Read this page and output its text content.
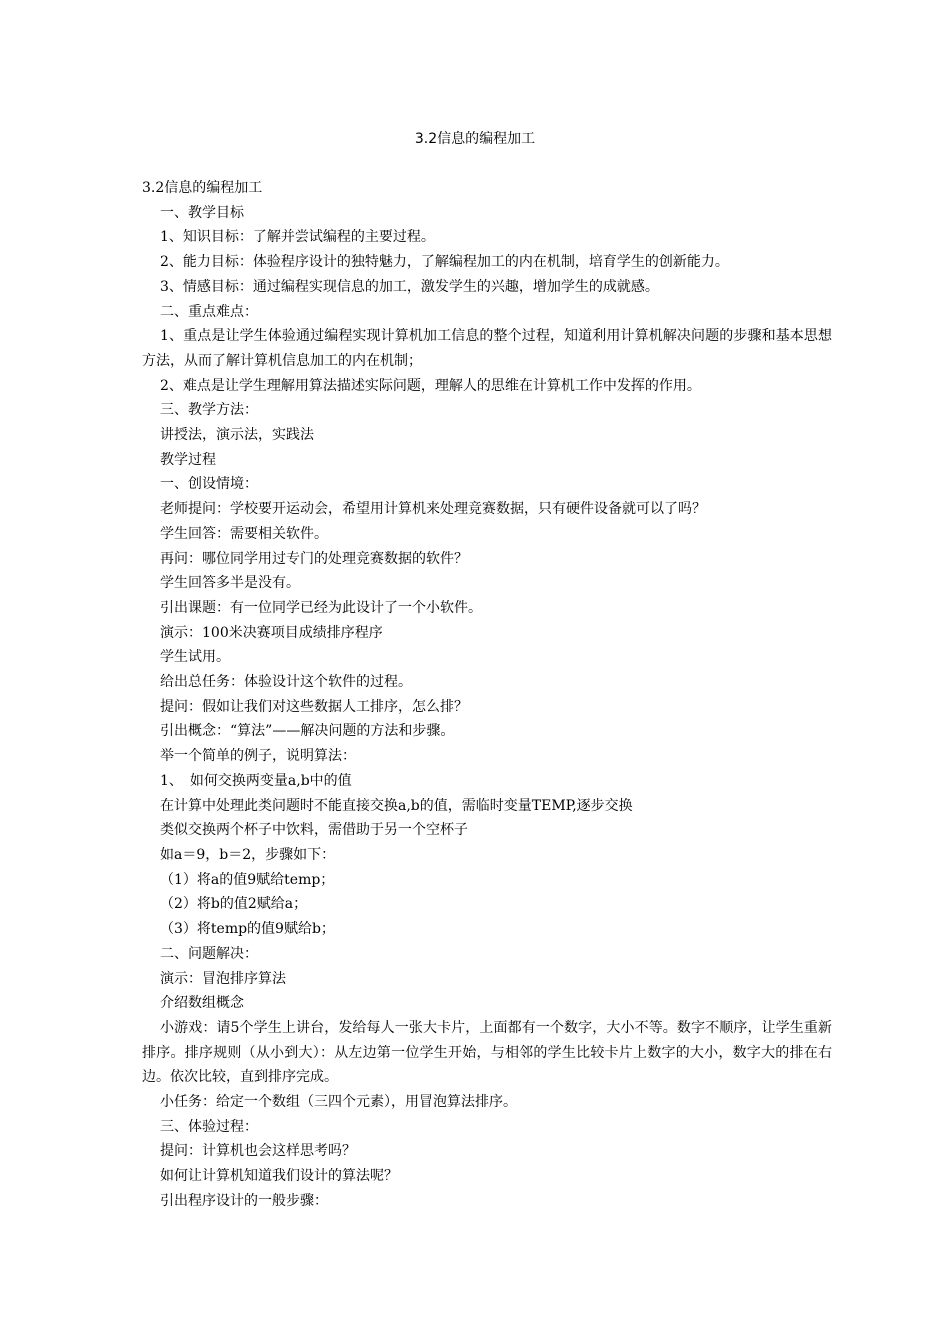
3.2信息的编程加工
3.2信息的编程加工
一、教学目标
1、知识目标：了解并尝试编程的主要过程。
2、能力目标：体验程序设计的独特魅力，了解编程加工的内在机制，培育学生的创新能力。
3、情感目标：通过编程实现信息的加工，激发学生的兴趣，增加学生的成就感。
二、重点难点：
1、重点是让学生体验通过编程实现计算机加工信息的整个过程，知道利用计算机解决问题的步骤和基本思想方法，从而了解计算机信息加工的内在机制；
2、难点是让学生理解用算法描述实际问题，理解人的思维在计算机工作中发挥的作用。
三、教学方法：
讲授法，演示法，实践法
教学过程
一、创设情境：
老师提问：学校要开运动会，希望用计算机来处理竞赛数据，只有硬件设备就可以了吗？
学生回答：需要相关软件。
再问：哪位同学用过专门的处理竞赛数据的软件？
学生回答多半是没有。
引出课题：有一位同学已经为此设计了一个小软件。
演示：100米决赛项目成绩排序程序
学生试用。
给出总任务：体验设计这个软件的过程。
提问：假如让我们对这些数据人工排序，怎么排？
引出概念：“算法”——解决问题的方法和步骤。
举一个简单的例子，说明算法：
1、　如何交换两变量a,b中的值
在计算中处理此类问题时不能直接交换a,b的值，需临时变量TEMP,逐步交换
类似交换两个杯子中饮料，需借助于另一个空杯子
如a＝9，b＝2，步骤如下：
（1）将a的值9赋给temp；
（2）将b的值2赋给a；
（3）将temp的值9赋给b；
二、问题解决：
演示：冒泡排序算法
介绍数组概念
小游戏：请5个学生上讲台，发给每人一张大卡片，上面都有一个数字，大小不等。数字不顺序，让学生重新排序。排序规则（从小到大）：从左边第一位学生开始，与相邻的学生比较卡片上数字的大小，数字大的排在右边。依次比较，直到排序完成。
小任务：给定一个数组（三四个元素），用冒泡算法排序。
三、体验过程：
提问：计算机也会这样思考吗？
如何让计算机知道我们设计的算法呢？
引出程序设计的一般步骤：
